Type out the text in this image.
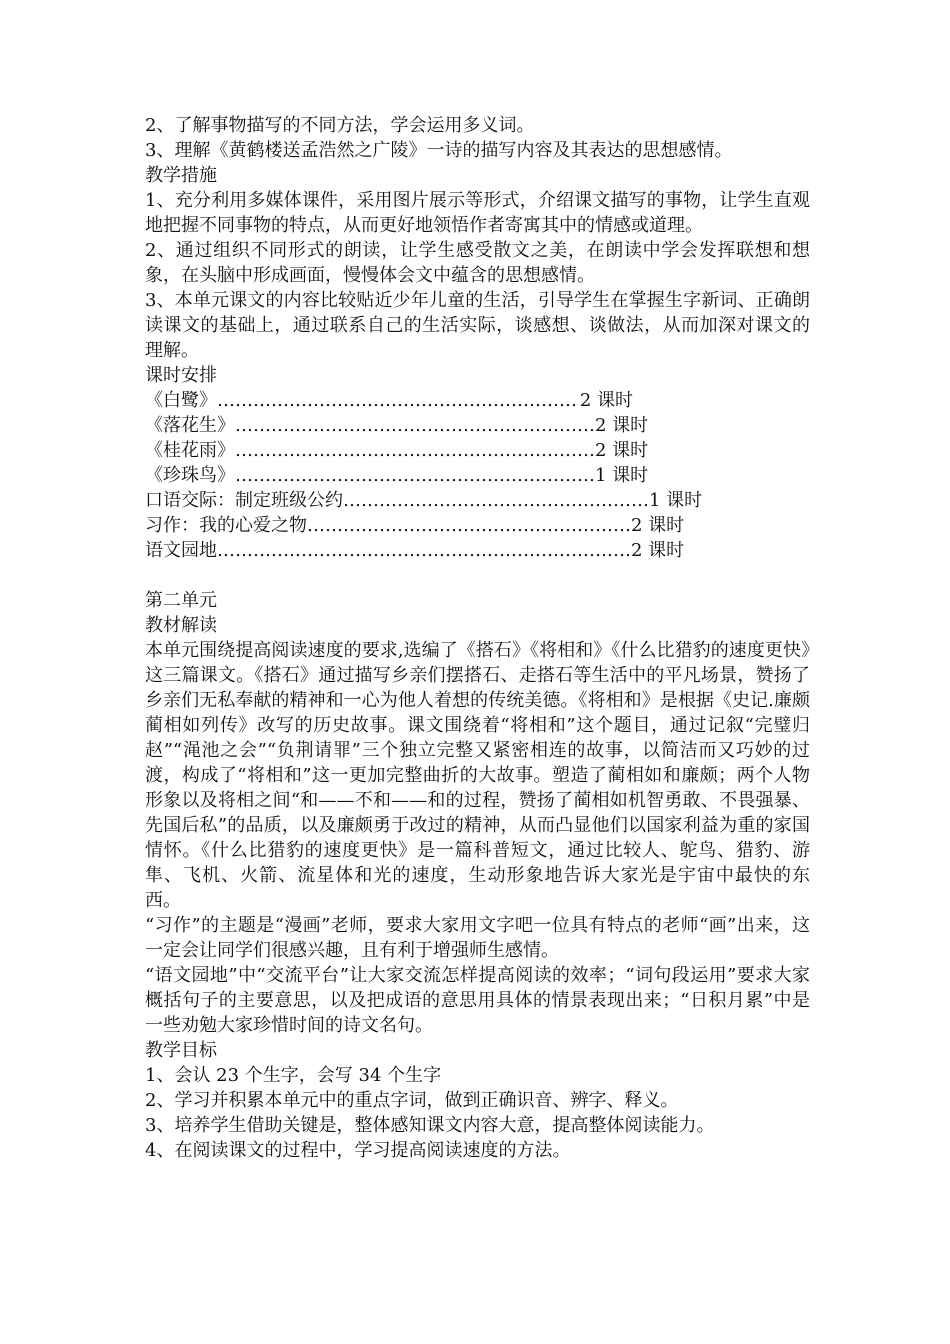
2、了解事物描写的不同方法，学会运用多义词。

3、理解《黄鹤楼送孟浩然之广陵》一诗的描写内容及其表达的思想感情。

教学措施

1、充分利用多媒体课件，采用图片展示等形式，介绍课文描写的事物，让学生直观地把握不同事物的特点，从而更好地领悟作者寄寓其中的情感或道理。

2、通过组织不同形式的朗读，让学生感受散文之美，在朗读中学会发挥联想和想象，在头脑中形成画面，慢慢体会文中蕴含的思想感情。

3、本单元课文的内容比较贴近少年儿童的生活，引导学生在掌握生字新词、正确朗读课文的基础上，通过联系自己的生活实际，谈感想、谈做法，从而加深对课文的理解。

课时安排

《白鹭》 …………………………………………………… 2 课时
《落花生》 …………………………………………………… 2 课时
《桂花雨》 …………………………………………………… 2 课时
《珍珠鸟》 …………………………………………………… 1 课时
口语交际：制定班级公约 …………………………………………… 1 课时
习作：我的心爱之物 ……………………………………………… 2 课时
语文园地 …………………………………………………………… 2 课时

第二单元

教材解读

本单元围绕提高阅读速度的要求,选编了《搭石》《将相和》《什么比猎豹的速度更快》这三篇课文。《搭石》通过描写乡亲们摆搭石、走搭石等生活中的平凡场景，赞扬了乡亲们无私奉献的精神和一心为他人着想的传统美德。《将相和》是根据《史记.廉颇蔺相如列传》改写的历史故事。课文围绕着“将相和”这个题目，通过记叙“完璧归赵”“渑池之会”“负荆请罪”三个独立完整又紧密相连的故事，以简洁而又巧妙的过渡，构成了“将相和”这一更加完整曲折的大故事。塑造了蔺相如和廉颇；两个人物形象以及将相之间“和——不和——和的过程，赞扬了蔺相如机智勇敢、不畏强暴、先国后私”的品质，以及廉颇勇于改过的精神，从而凸显他们以国家利益为重的家国情怀。《什么比猎豹的速度更快》是一篇科普短文，通过比较人、鸵鸟、猎豹、游隼、飞机、火箭、流星体和光的速度，生动形象地告诉大家光是宇宙中最快的东西。

“习作”的主题是“漫画”老师，要求大家用文字吧一位具有特点的老师“画”出来，这一定会让同学们很感兴趣，且有利于增强师生感情。

“语文园地”中“交流平台”让大家交流怎样提高阅读的效率；“词句段运用”要求大家概括句子的主要意思，以及把成语的意思用具体的情景表现出来；“日积月累”中是一些劝勉大家珍惜时间的诗文名句。

教学目标

1、会认 23 个生字，会写 34 个生字

2、学习并积累本单元中的重点字词，做到正确识音、辨字、释义。

3、培养学生借助关键是，整体感知课文内容大意，提高整体阅读能力。

4、在阅读课文的过程中，学习提高阅读速度的方法。
